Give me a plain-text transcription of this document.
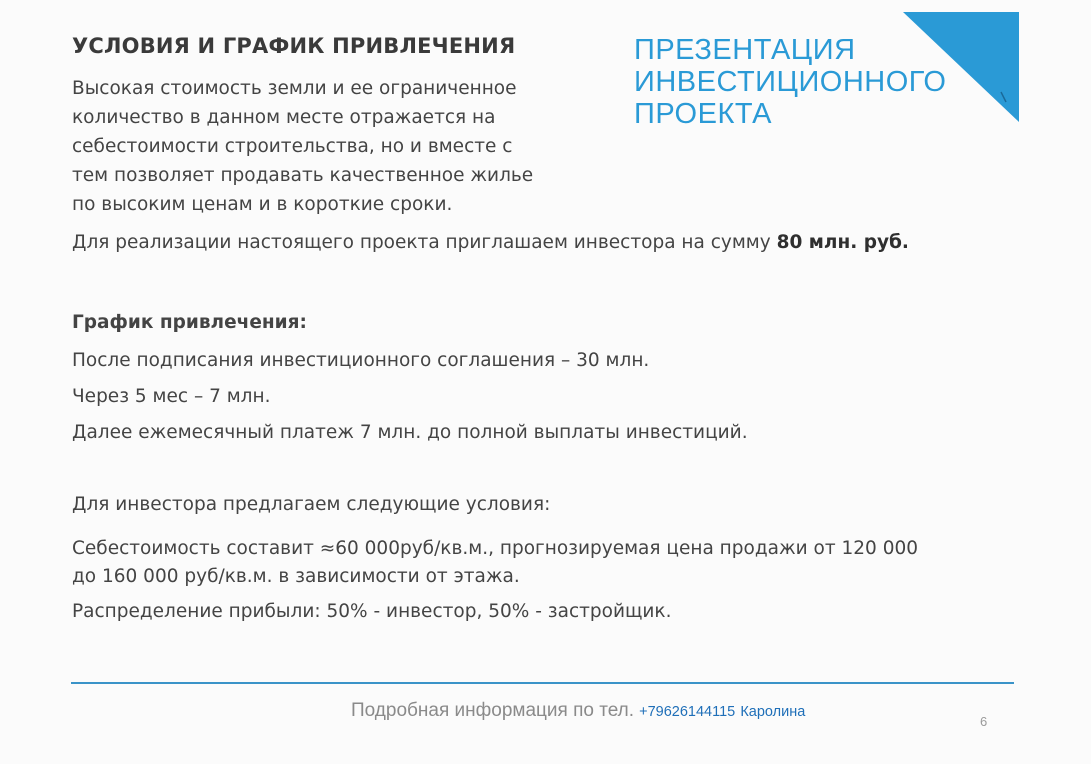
УСЛОВИЯ И ГРАФИК ПРИВЛЕЧЕНИЯ

Высокая стоимость земли и ее ограниченное
количество в данном месте отражается на
себестоимости строительства, но и вместе с
тем позволяет продавать качественное жилье
по высоким ценам и в короткие сроки.

Для реализации настоящего проекта приглашаем инвестора на сумму 80 млн. руб.

ПРЕЗЕНТАЦИЯ
ИНВЕСТИЦИОННОГО
ПРОЕКТА
График привлечения:
После подписания инвестиционного соглашения – 30 млн.
Через 5 мес – 7 млн.
Далее ежемесячный платеж 7 млн. до полной выплаты инвестиций.

Для инвестора предлагаем следующие условия:

Себестоимость составит ≈60 000руб/кв.м., прогнозируемая цена продажи от 120 000
до 160 000 руб/кв.м. в зависимости от этажа.

Распределение прибыли: 50% - инвестор, 50% - застройщик.

Подробная информация по тел. +79626144115 Каролина
6
